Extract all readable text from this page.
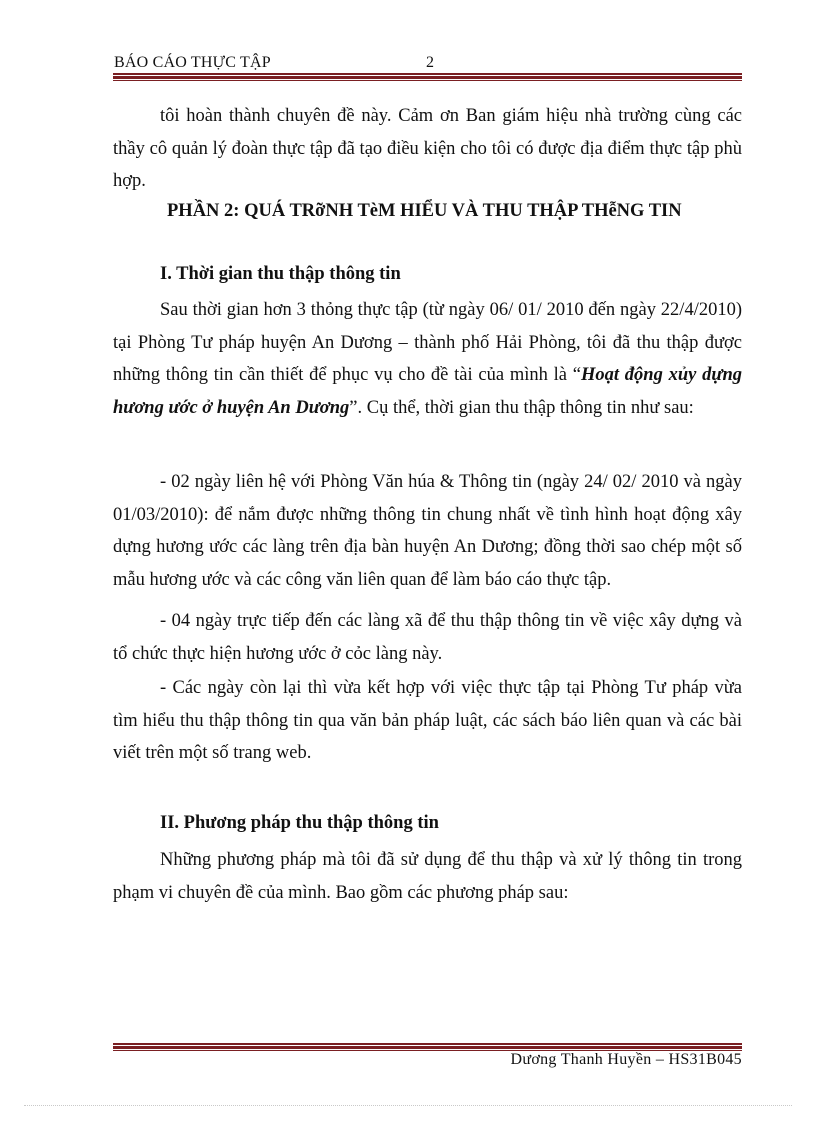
BÁO CÁO THỰC TẬP	2

tôi hoàn thành chuyên đề này. Cảm ơn Ban giám hiệu nhà trường cùng các thầy cô quản lý đoàn thực tập đã tạo điều kiện cho tôi có được địa điểm thực tập phù hợp.

PHẦN 2: QUÁ TRỡNH TèM HIỂU VÀ THU THẬP THễNG TIN

I. Thời gian thu thập thông tin

Sau thời gian hơn 3 thỏng thực tập (từ ngày 06/ 01/ 2010 đến ngày 22/4/2010) tại Phòng Tư pháp huyện An Dương – thành phố Hải Phòng, tôi đã thu thập được những thông tin cần thiết để phục vụ cho đề tài của mình là “Hoạt động xủy dựng hương ước ở huyện An Dương”. Cụ thể, thời gian thu thập thông tin như sau:

- 02 ngày liên hệ với Phòng Văn húa & Thông tin (ngày 24/ 02/ 2010 và ngày 01/03/2010): để nắm được những thông tin chung nhất về tình hình hoạt động xây dựng hương ước các làng trên địa bàn huyện An Dương; đồng thời sao chép một số mẫu hương ước và các công văn liên quan để làm báo cáo thực tập.

- 04 ngày trực tiếp đến các làng xã để thu thập thông tin về việc xây dựng và tổ chức thực hiện hương ước ở cỏc làng này.

- Các ngày còn lại thì vừa kết hợp với việc thực tập tại Phòng Tư pháp vừa tìm hiểu thu thập thông tin qua văn bản pháp luật, các sách báo liên quan và các bài viết trên một số trang web.

II. Phương pháp thu thập thông tin

Những phương pháp mà tôi đã sử dụng để thu thập và xử lý thông tin trong phạm vi chuyên đề của mình. Bao gồm các phương pháp sau:

Dương Thanh Huyền – HS31B045
